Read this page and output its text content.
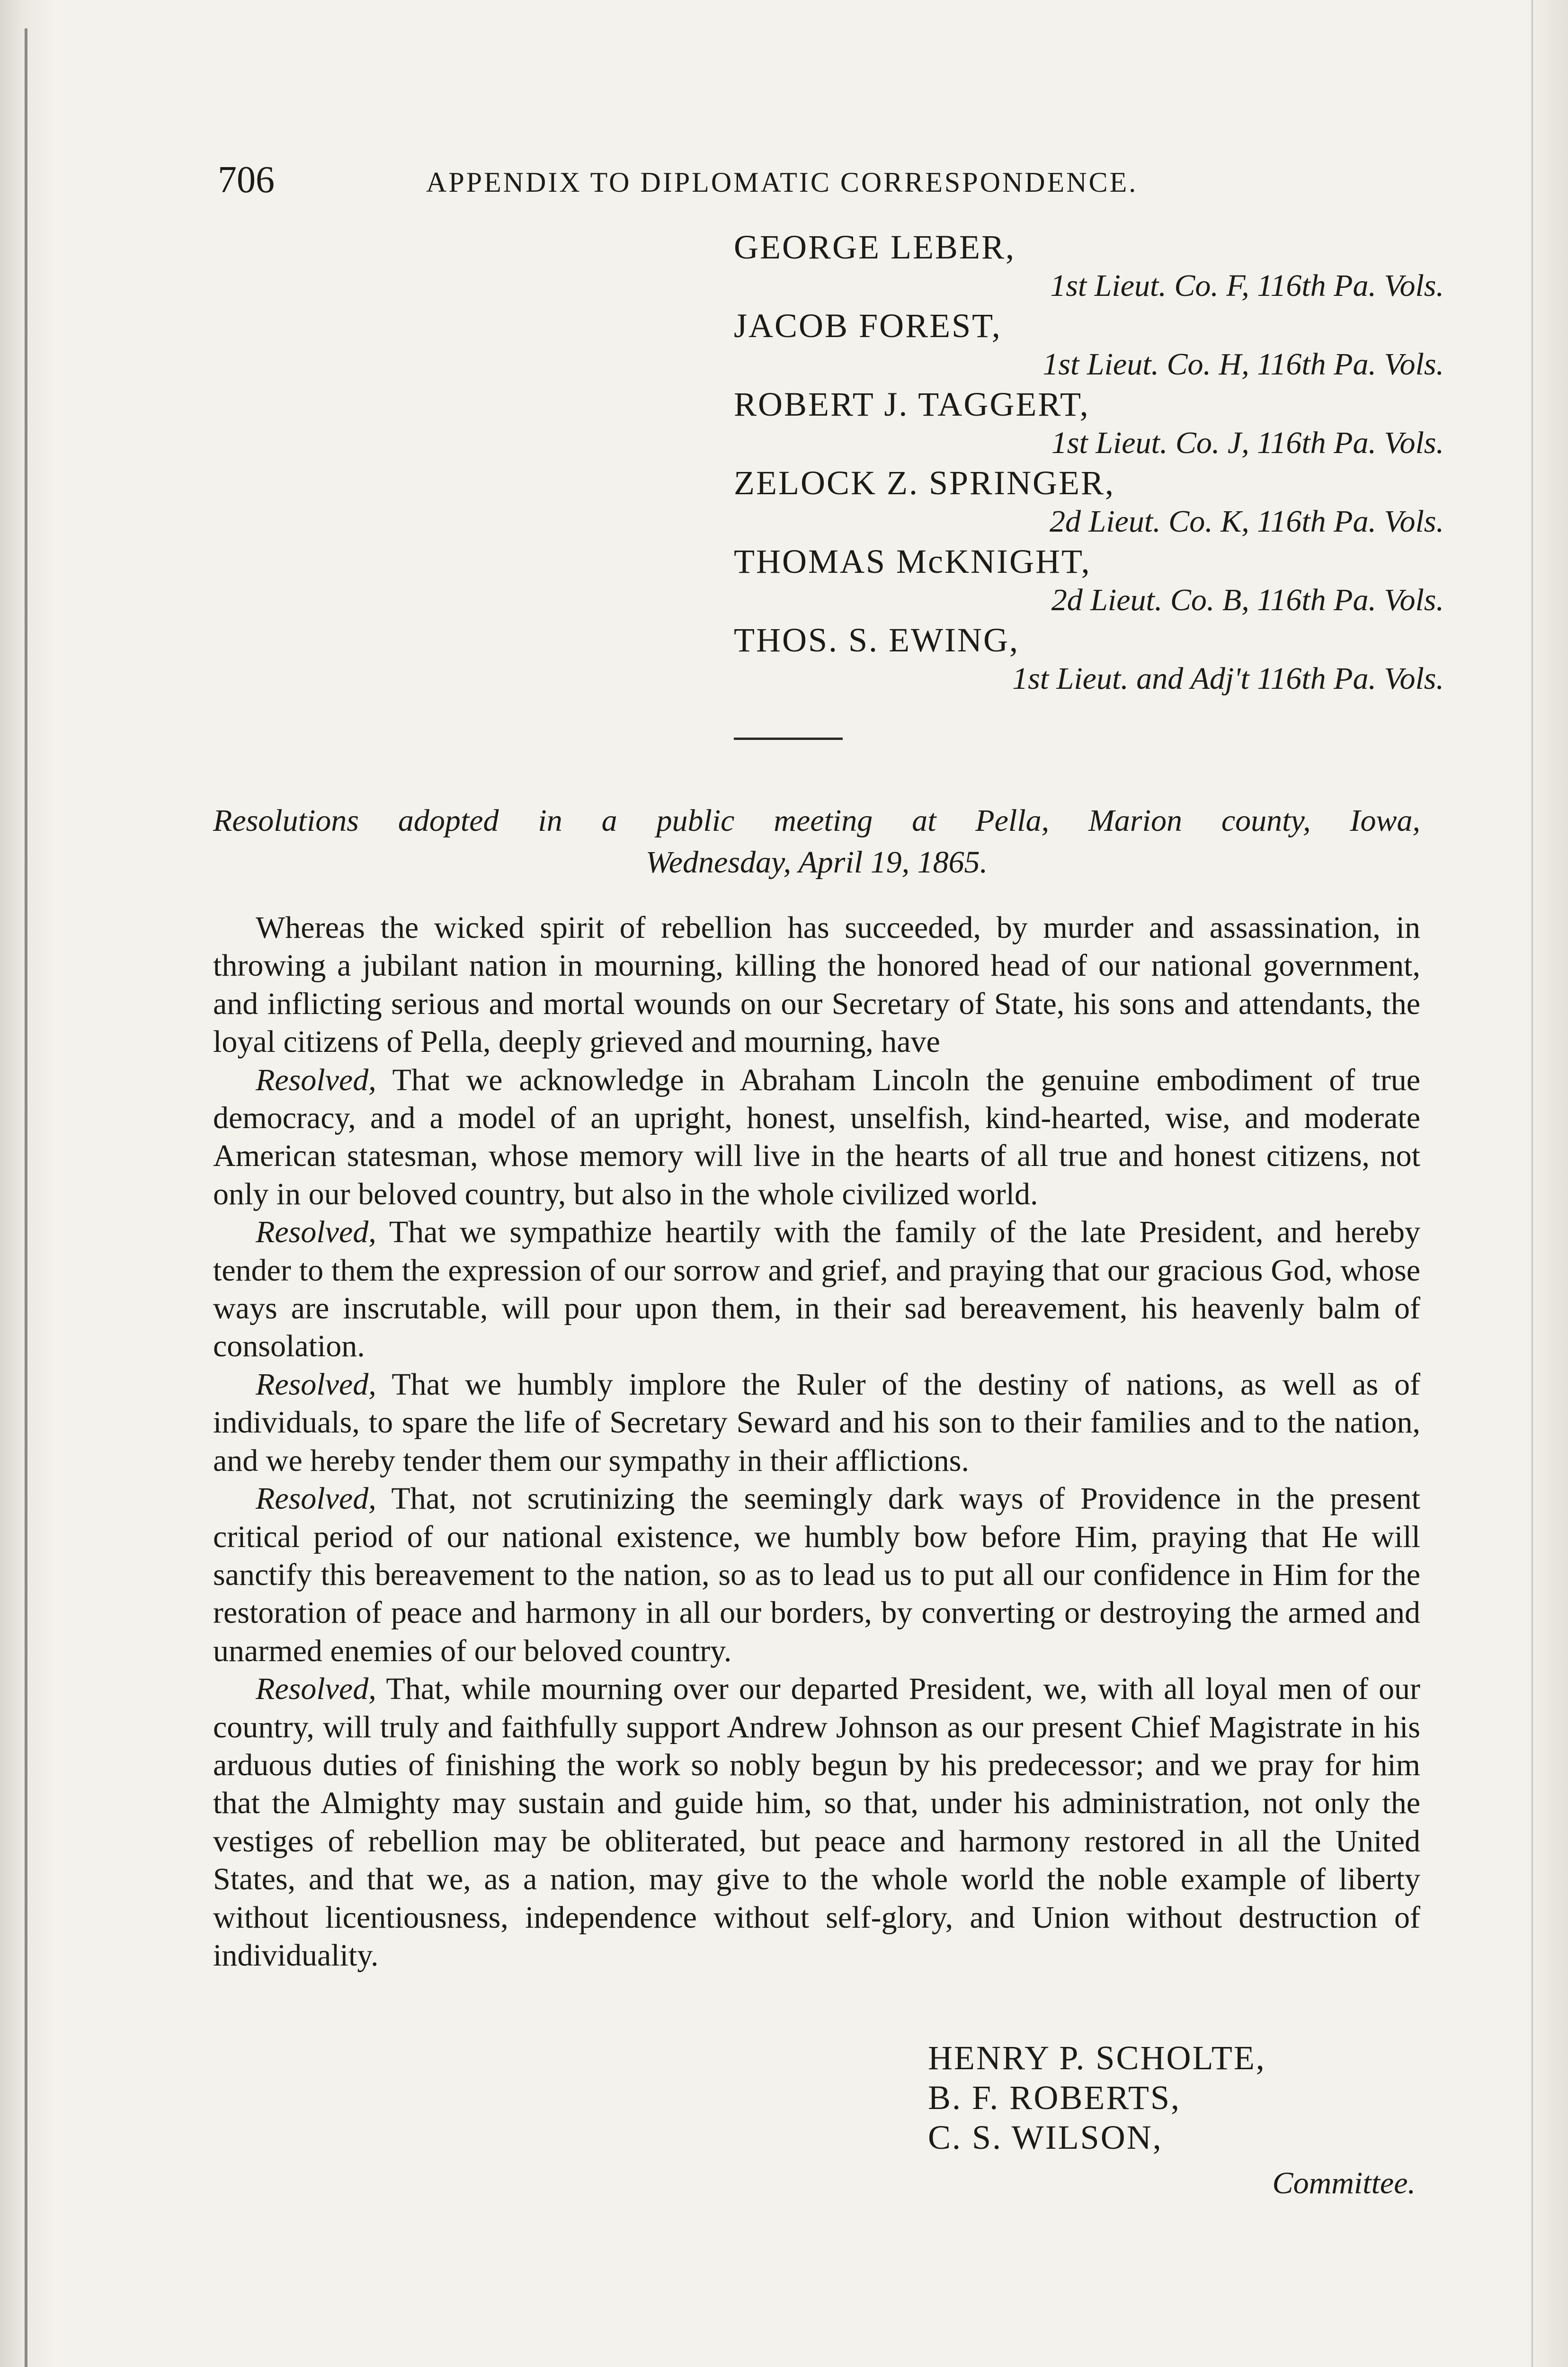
706	APPENDIX TO DIPLOMATIC CORRESPONDENCE.
GEORGE LEBER,
1st Lieut. Co. F, 116th Pa. Vols.
JACOB FOREST,
1st Lieut. Co. H, 116th Pa. Vols.
ROBERT J. TAGGERT,
1st Lieut. Co. J, 116th Pa. Vols.
ZELOCK Z. SPRINGER,
2d Lieut. Co. K, 116th Pa. Vols.
THOMAS McKNIGHT,
2d Lieut. Co. B, 116th Pa. Vols.
THOS. S. EWING,
1st Lieut. and Adj't 116th Pa. Vols.
Resolutions adopted in a public meeting at Pella, Marion county, Iowa,
Wednesday, April 19, 1865.

Whereas the wicked spirit of rebellion has succeeded, by murder and assassination, in throwing a jubilant nation in mourning, killing the honored head of our national government, and inflicting serious and mortal wounds on our Secretary of State, his sons and attendants, the loyal citizens of Pella, deeply grieved and mourning, have

Resolved, That we acknowledge in Abraham Lincoln the genuine embodiment of true democracy, and a model of an upright, honest, unselfish, kind-hearted, wise, and moderate American statesman, whose memory will live in the hearts of all true and honest citizens, not only in our beloved country, but also in the whole civilized world.

Resolved, That we sympathize heartily with the family of the late President, and hereby tender to them the expression of our sorrow and grief, and praying that our gracious God, whose ways are inscrutable, will pour upon them, in their sad bereavement, his heavenly balm of consolation.

Resolved, That we humbly implore the Ruler of the destiny of nations, as well as of individuals, to spare the life of Secretary Seward and his son to their families and to the nation, and we hereby tender them our sympathy in their afflictions.

Resolved, That, not scrutinizing the seemingly dark ways of Providence in the present critical period of our national existence, we humbly bow before Him, praying that He will sanctify this bereavement to the nation, so as to lead us to put all our confidence in Him for the restoration of peace and harmony in all our borders, by converting or destroying the armed and unarmed enemies of our beloved country.

Resolved, That, while mourning over our departed President, we, with all loyal men of our country, will truly and faithfully support Andrew Johnson as our present Chief Magistrate in his arduous duties of finishing the work so nobly begun by his predecessor; and we pray for him that the Almighty may sustain and guide him, so that, under his administration, not only the vestiges of rebellion may be obliterated, but peace and harmony restored in all the United States, and that we, as a nation, may give to the whole world the noble example of liberty without licentiousness, independence without self-glory, and Union without destruction of individuality.

HENRY P. SCHOLTE,
B. F. ROBERTS,
C. S. WILSON,
Committee.
